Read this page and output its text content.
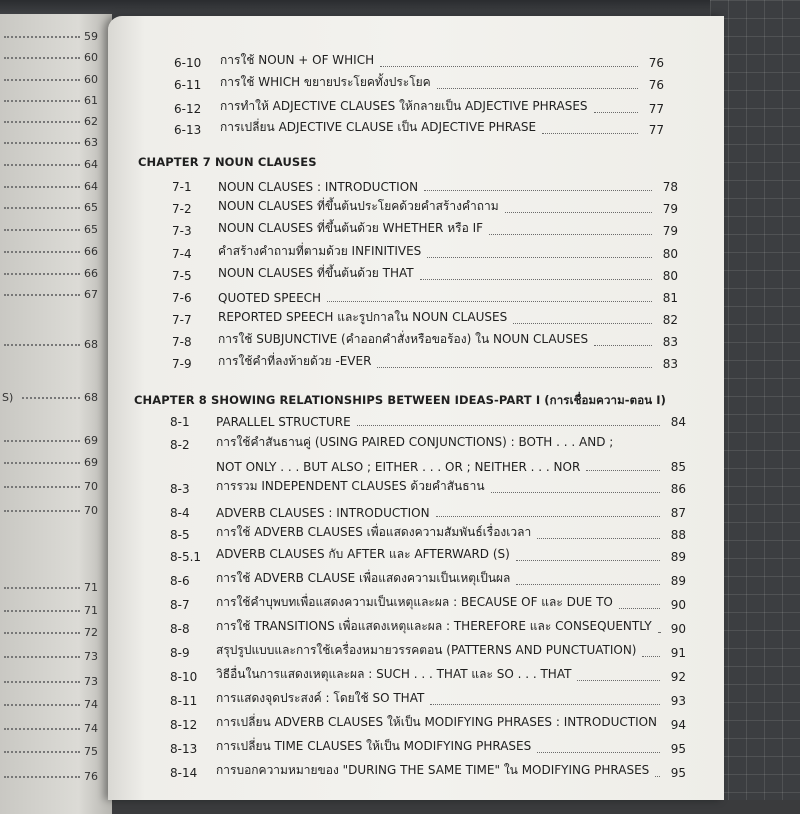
59
60
60
61
62
63
64
64
65
65
66
66
67
68
S)	68
69
69
70
70
71
71
72
73
73
74
74
75
76
CHAPTER 7 NOUN CLAUSES
CHAPTER 8 SHOWING RELATIONSHIPS BETWEEN IDEAS-PART I (การเชื่อมความ-ตอน I)
6-10	การใช้ NOUN + OF WHICH	76
6-11	การใช้ WHICH ขยายประโยคทั้งประโยค	76
6-12	การทำให้ ADJECTIVE CLAUSES ให้กลายเป็น ADJECTIVE PHRASES	77
6-13	การเปลี่ยน ADJECTIVE CLAUSE เป็น ADJECTIVE PHRASE	77
7-1	NOUN CLAUSES : INTRODUCTION	78
7-2	NOUN CLAUSES ที่ขึ้นต้นประโยคด้วยคำสร้างคำถาม	79
7-3	NOUN CLAUSES ที่ขึ้นต้นด้วย WHETHER หรือ IF	79
7-4	คำสร้างคำถามที่ตามด้วย INFINITIVES	80
7-5	NOUN CLAUSES ที่ขึ้นต้นด้วย THAT	80
7-6	QUOTED SPEECH	81
7-7	REPORTED SPEECH และรูปกาลใน NOUN CLAUSES	82
7-8	การใช้ SUBJUNCTIVE (คำออกคำสั่งหรือขอร้อง) ใน NOUN CLAUSES	83
7-9	การใช้คำที่ลงท้ายด้วย -EVER	83
8-1	PARALLEL STRUCTURE	84
8-2	การใช้คำสันธานคู่ (USING PAIRED CONJUNCTIONS) : BOTH . . . AND ;
NOT ONLY . . . BUT ALSO ; EITHER . . . OR ; NEITHER . . . NOR	85
8-3	การรวม INDEPENDENT CLAUSES ด้วยคำสันธาน	86
8-4	ADVERB CLAUSES : INTRODUCTION	87
8-5	การใช้ ADVERB CLAUSES เพื่อแสดงความสัมพันธ์เรื่องเวลา	88
8-5.1	ADVERB CLAUSES กับ AFTER และ AFTERWARD (S)	89
8-6	การใช้ ADVERB CLAUSE เพื่อแสดงความเป็นเหตุเป็นผล	89
8-7	การใช้คำบุพบทเพื่อแสดงความเป็นเหตุและผล : BECAUSE OF และ DUE TO	90
8-8	การใช้ TRANSITIONS เพื่อแสดงเหตุและผล : THEREFORE และ CONSEQUENTLY 90
8-9	สรุปรูปแบบและการใช้เครื่องหมายวรรคตอน (PATTERNS AND PUNCTUATION)	91
8-10	วิธีอื่นในการแสดงเหตุและผล : SUCH . . . THAT และ SO . . . THAT	92
8-11	การแสดงจุดประสงค์ : โดยใช้ SO THAT	93
8-12	การเปลี่ยน ADVERB CLAUSES ให้เป็น MODIFYING PHRASES : INTRODUCTION 94
8-13	การเปลี่ยน TIME CLAUSES ให้เป็น MODIFYING PHRASES	95
8-14	การบอกความหมายของ "DURING THE SAME TIME" ใน MODIFYING PHRASES 95
